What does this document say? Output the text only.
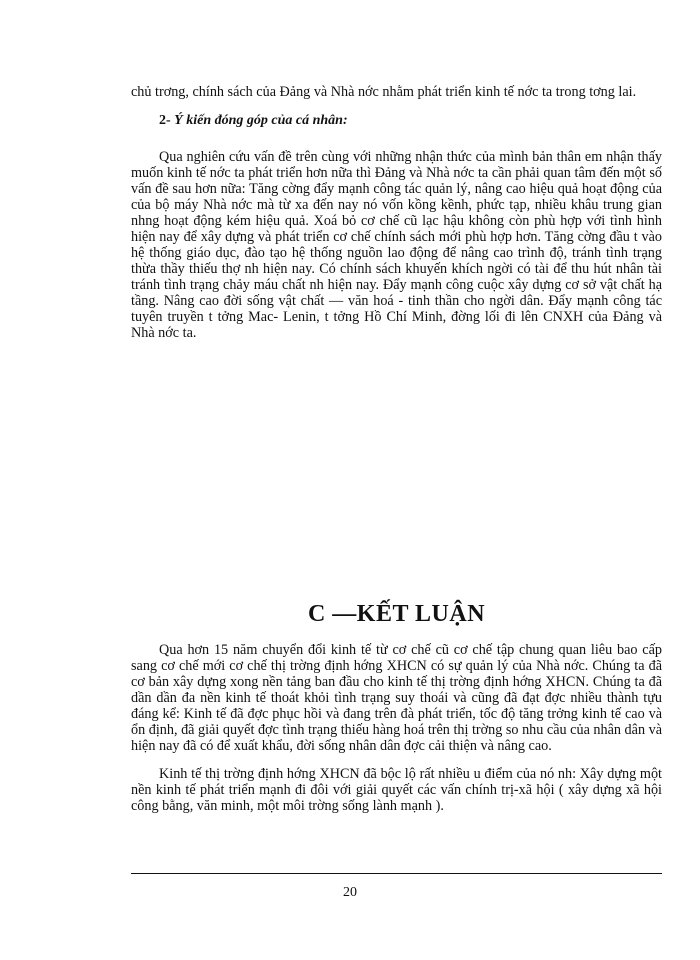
chủ trơng, chính sách của Đảng và Nhà nớc nhằm phát triển kinh tế nớc ta trong tơng lai.

2- Ý kiến đóng góp của cá nhân:

Qua nghiên cứu vấn đề trên cùng với những nhận thức của mình bản thân em nhận thấy muốn kinh tế nớc ta phát triển hơn nữa thì Đảng và Nhà nớc ta cần phải quan tâm đến một số vấn đề sau hơn nữa: Tăng cờng đẩy mạnh công tác quản lý, nâng cao hiệu quả hoạt động của của bộ máy Nhà nớc mà từ xa đến nay nó vốn kồng kềnh, phức tạp, nhiều khâu trung gian nhng hoạt động kém hiệu quả. Xoá bỏ cơ chế cũ lạc hậu không còn phù hợp với tình hình hiện nay để xây dựng và phát triển cơ chế chính sách mới phù hợp hơn. Tăng cờng đầu t vào hệ thống giáo dục, đào tạo hệ thống nguồn lao động để nâng cao trình độ, tránh tình trạng thừa thầy thiếu thợ nh hiện nay. Có chính sách khuyến khích ngời có tài để thu hút nhân tài tránh tình trạng chảy máu chất nh hiện nay. Đẩy mạnh công cuộc xây dựng cơ sở vật chất hạ tầng. Nâng cao đời sống vật chất — văn hoá - tinh thần cho ngời dân. Đẩy mạnh công tác tuyên truyền t tởng Mac- Lenin, t tởng Hồ Chí Minh, đờng lối đi lên CNXH của Đảng và Nhà nớc ta.

C —KẾT LUẬN

Qua hơn 15 năm chuyển đổi kinh tế từ cơ chế cũ cơ chế tập chung quan liêu bao cấp sang cơ chế mới cơ chế thị trờng định hớng XHCN có sự quản lý của Nhà nớc. Chúng ta đã cơ bản xây dựng xong nền tảng ban đầu cho kinh tế thị trờng định hớng XHCN. Chúng ta đã dần dần đa nền kinh tế thoát khỏi tình trạng suy thoái và cũng đã đạt đợc nhiều thành tựu đáng kể: Kinh tế đã đợc phục hồi và đang trên đà phát triển, tốc độ tăng trởng kinh tế cao và ổn định, đã giải quyết đợc tình trạng thiếu hàng hoá trên thị trờng so nhu cầu của nhân dân và hiện nay đã có để xuất khẩu, đời sống nhân dân đợc cải thiện và nâng cao.

Kinh tế thị trờng định hớng XHCN đã bộc lộ rất nhiều u điểm của nó nh: Xây dựng một nền kinh tế phát triển mạnh đi đôi với giải quyết các vấn chính trị-xã hội ( xây dựng xã hội công bằng, văn minh, một môi trờng sống lành mạnh ).

20
